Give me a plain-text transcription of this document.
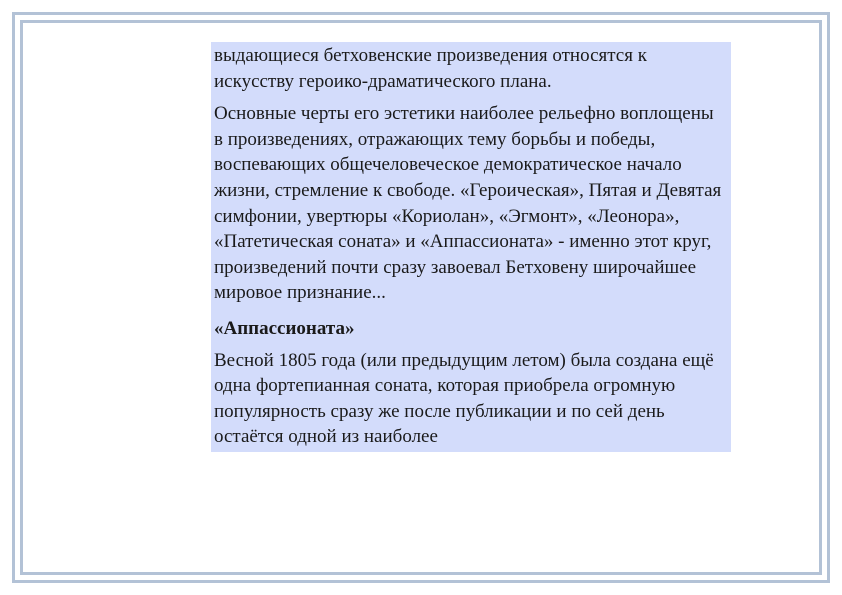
выдающиеся бетховенские произведения относятся к искусству героико-драматического плана.

Основные черты его эстетики наиболее рельефно воплощены в произведениях, отражающих тему борьбы и победы, воспевающих общечеловеческое демократическое начало жизни, стремление к свободе. «Героическая», Пятая и Девятая симфонии, увертюры «Кориолан», «Эгмонт», «Леонора», «Патетическая соната» и «Аппассионата» - именно этот круг, произведений почти сразу завоевал Бетховену широчайшее мировое признание...

«Аппассионата»

Весной 1805 года (или предыдущим летом) была создана ещё одна фортепианная соната, которая приобрела огромную популярность сразу же после публикации и по сей день остаётся одной из наиболее
